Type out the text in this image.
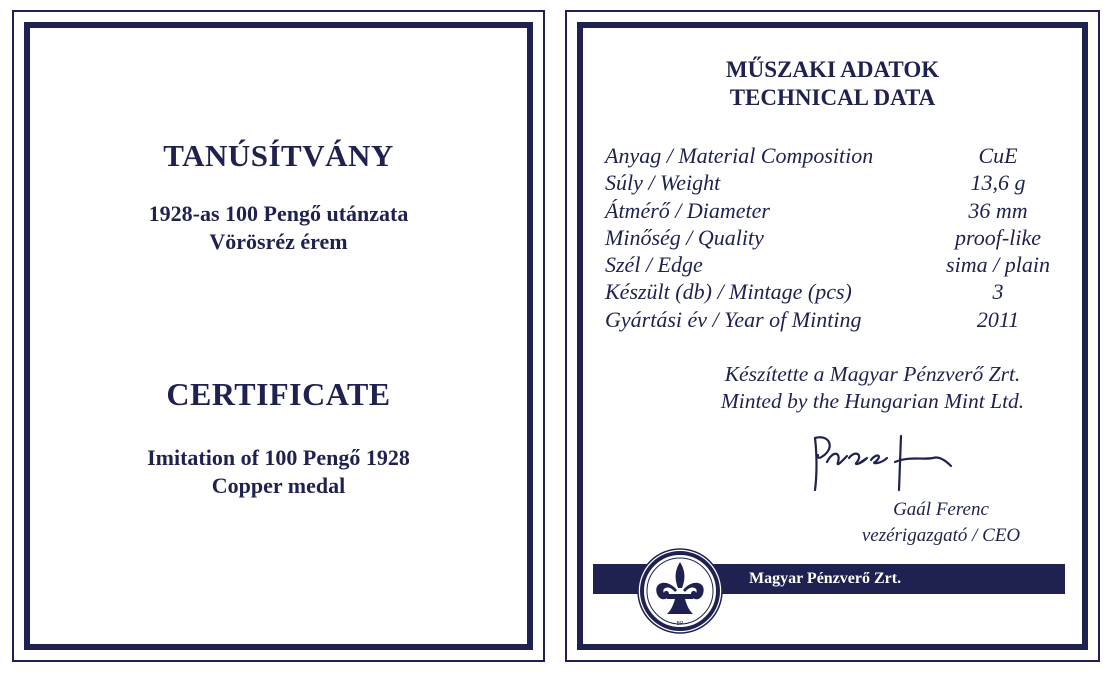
TANÚSÍTVÁNY
1928-as 100 Pengő utánzata
Vörösréz érem
CERTIFICATE
Imitation of 100 Pengő 1928
Copper medal
MŰSZAKI ADATOK
TECHNICAL DATA
Anyag / Material Composition	CuE
Súly / Weight	13,6 g
Átmérő / Diameter	36 mm
Minőség / Quality	proof-like
Szél / Edge	sima / plain
Készült (db) / Mintage (pcs)	3
Gyártási év / Year of Minting	2011
Készítette a Magyar Pénzverő Zrt.
Minted by the Hungarian Mint Ltd.
Gaál Ferenc
vezérigazgató / CEO
Magyar Pénzverő Zrt.
BP
